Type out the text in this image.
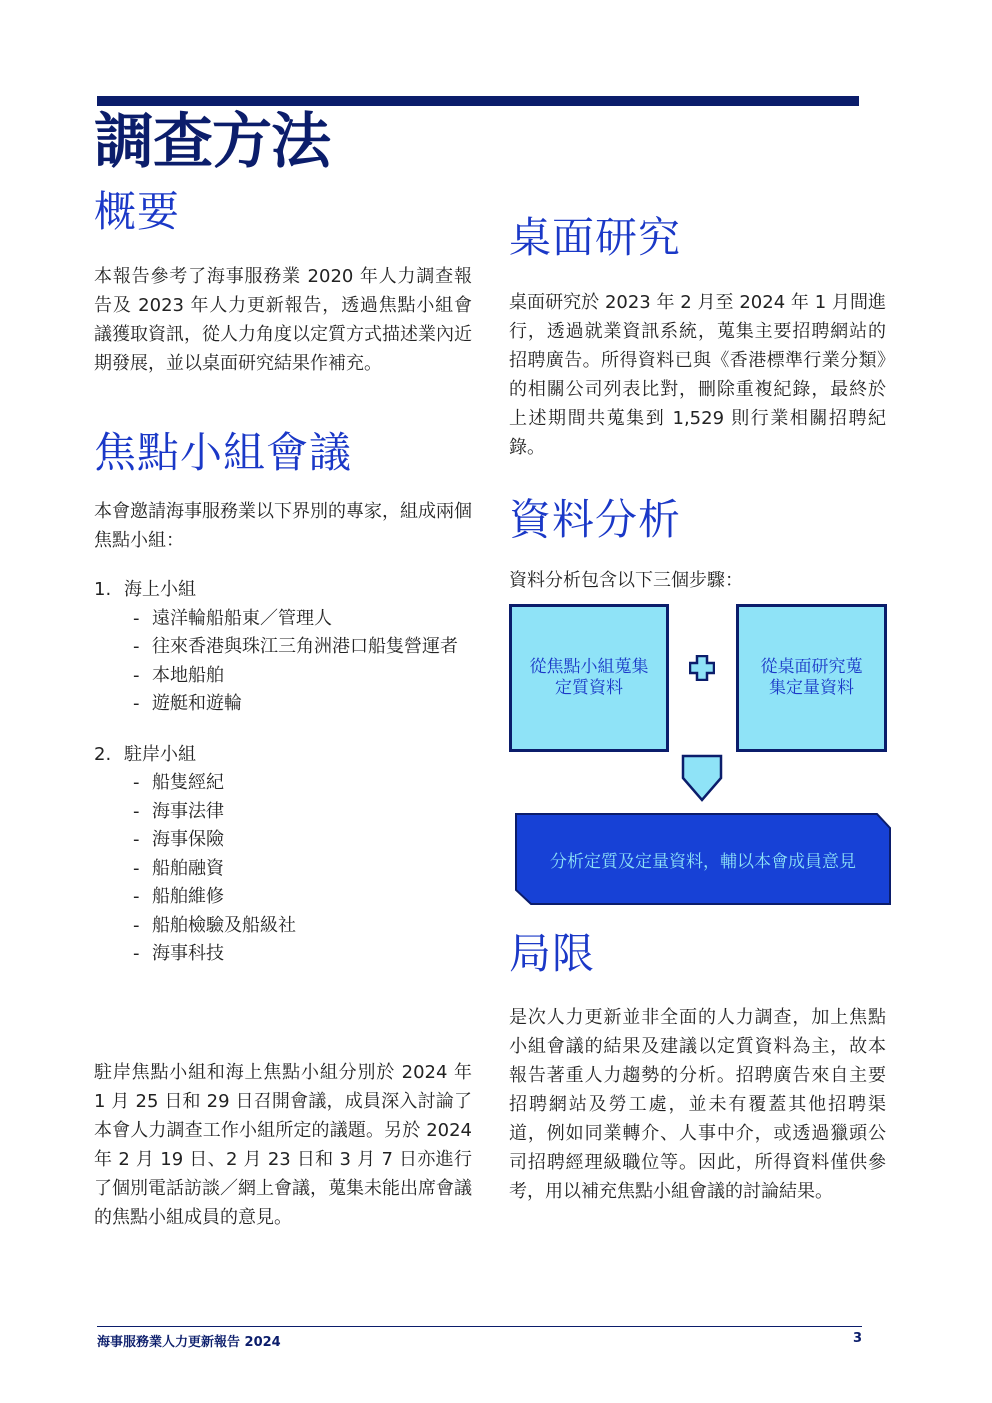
調查方法
概要

本報告參考了海事服務業 2020 年人力調查報告及 2023 年人力更新報告，透過焦點小組會議獲取資訊，從人力角度以定質方式描述業內近期發展，並以桌面研究結果作補充。

焦點小組會議

本會邀請海事服務業以下界別的專家，組成兩個焦點小組：

1. 海上小組
- 遠洋輪船船東／管理人
- 往來香港與珠江三角洲港口船隻營運者
- 本地船舶
- 遊艇和遊輪
2. 駐岸小組
- 船隻經紀
- 海事法律
- 海事保險
- 船舶融資
- 船舶維修
- 船舶檢驗及船級社
- 海事科技

駐岸焦點小組和海上焦點小組分別於 2024 年 1 月 25 日和 29 日召開會議，成員深入討論了本會人力調查工作小組所定的議題。另於 2024 年 2 月 19 日、2 月 23 日和 3 月 7 日亦進行了個別電話訪談／網上會議，蒐集未能出席會議的焦點小組成員的意見。

桌面研究

桌面研究於 2023 年 2 月至 2024 年 1 月間進行，透過就業資訊系統，蒐集主要招聘網站的招聘廣告。所得資料已與《香港標準行業分類》的相關公司列表比對，刪除重複紀錄，最終於上述期間共蒐集到 1,529 則行業相關招聘紀錄。

資料分析

資料分析包含以下三個步驟：

從焦點小組蒐集定質資料
從桌面研究蒐集定量資料
分析定質及定量資料，輔以本會成員意見
局限

是次人力更新並非全面的人力調查，加上焦點小組會議的結果及建議以定質資料為主，故本報告著重人力趨勢的分析。招聘廣告來自主要招聘網站及勞工處，並未有覆蓋其他招聘渠道，例如同業轉介、人事中介，或透過獵頭公司招聘經理級職位等。因此，所得資料僅供參考，用以補充焦點小組會議的討論結果。

海事服務業人力更新報告 2024	3
